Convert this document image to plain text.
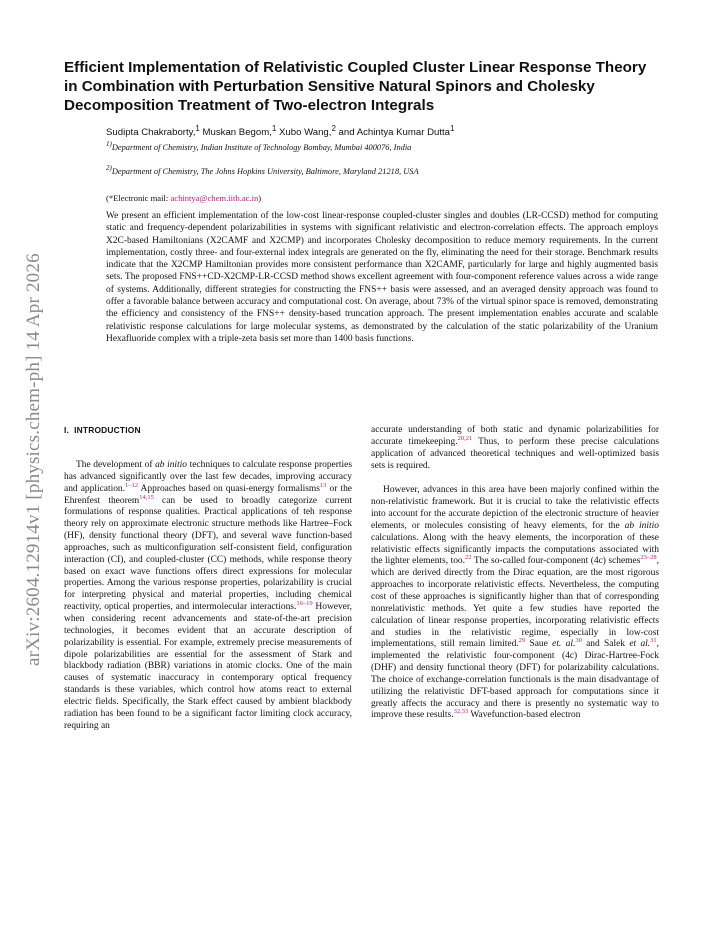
arXiv:2604.12914v1 [physics.chem-ph] 14 Apr 2026
Efficient Implementation of Relativistic Coupled Cluster Linear Response Theory in Combination with Perturbation Sensitive Natural Spinors and Cholesky Decomposition Treatment of Two-electron Integrals
Sudipta Chakraborty,$^1$ Muskan Begom,$^1$ Xubo Wang,$^2$ and Achintya Kumar Dutta$^1$
$^{1)}$Department of Chemistry, Indian Institute of Technology Bombay, Mumbai 400076, India
$^{2)}$Department of Chemistry, The Johns Hopkins University, Baltimore, Maryland 21218, USA
(*Electronic mail: achintya@chem.iitb.ac.in)

We present an efficient implementation of the low-cost linear-response coupled-cluster singles and doubles (LR-CCSD) method for computing static and frequency-dependent polarizabilities in systems with significant relativistic and electron-correlation effects. The approach employs X2C-based Hamiltonians (X2CAMF and X2CMP) and incorporates Cholesky decomposition to reduce memory requirements. In the current implementation, costly three- and four-external index integrals are generated on the fly, eliminating the need for their storage. Benchmark results indicate that the X2CMP Hamiltonian provides more consistent performance than X2CAMF, particularly for large and highly augmented basis sets. The proposed FNS++CD-X2CMP-LR-CCSD method shows excellent agreement with four-component reference values across a wide range of systems. Additionally, different strategies for constructing the FNS++ basis were assessed, and an averaged density approach was found to offer a favorable balance between accuracy and computational cost. On average, about 73% of the virtual spinor space is removed, demonstrating the efficiency and consistency of the FNS++ density-based truncation approach. The present implementation enables accurate and scalable relativistic response calculations for large molecular systems, as demonstrated by the calculation of the static polarizability of the Uranium Hexafluoride complex with a triple-zeta basis set more than 1400 basis functions.

I. INTRODUCTION

The development of ab initio techniques to calculate response properties has advanced significantly over the last few decades, improving accuracy and application.$^{1-12}$ Approaches based on quasi-energy formalisms$^{13}$ or the Ehrenfest theorem$^{14,15}$ can be used to broadly categorize current formulations of response qualities. Practical applications of teh response theory rely on approximate electronic structure methods like Hartree–Fock (HF), density functional theory (DFT), and several wave function-based approaches, such as multiconfiguration self-consistent field, configuration interaction (CI), and coupled-cluster (CC) methods, while response theory based on exact wave functions offers direct expressions for molecular properties. Among the various response properties, polarizability is crucial for interpreting physical and material properties, including chemical reactivity, optical properties, and intermolecular interactions.$^{16-19}$ However, when considering recent advancements and state-of-the-art precision technologies, it becomes evident that an accurate description of polarizability is essential. For example, extremely precise measurements of dipole polarizabilities are essential for the assessment of Stark and blackbody radiation (BBR) variations in atomic clocks. One of the main causes of systematic inaccuracy in contemporary optical frequency standards is these variables, which control how atoms react to external electric fields. Specifically, the Stark effect caused by ambient blackbody radiation has been found to be a significant factor limiting clock accuracy, requiring an

accurate understanding of both static and dynamic polarizabilities for accurate timekeeping.$^{20,21}$ Thus, to perform these precise calculations application of advanced theoretical techniques and well-optimized basis sets is required.

However, advances in this area have been majorly confined within the non-relativistic framework. But it is crucial to take the relativistic effects into account for the accurate depiction of the electronic structure of heavier elements, or molecules consisting of heavy elements, for the ab initio calculations. Along with the heavy elements, the incorporation of these relativistic effects significantly impacts the computations associated with the lighter elements, too.$^{22}$ The so-called four-component (4c) schemes$^{23-28}$, which are derived directly from the Dirac equation, are the most rigorous approaches to incorporate relativistic effects. Nevertheless, the computing cost of these approaches is significantly higher than that of corresponding nonrelativistic methods. Yet quite a few studies have reported the calculation of linear response properties, incorporating relativistic effects and studies in the relativistic regime, especially in low-cost implementations, still remain limited.$^{29}$ Saue et. al.$^{30}$ and Salek et al.$^{31}$, implemented the relativistic four-component (4c) Dirac-Hartree-Fock (DHF) and density functional theory (DFT) for polarizability calculations. The choice of exchange-correlation functionals is the main disadvantage of utilizing the relativistic DFT-based approach for computations since it greatly affects the accuracy and there is presently no systematic way to improve these results.$^{32,33}$ Wavefunction-based electron
